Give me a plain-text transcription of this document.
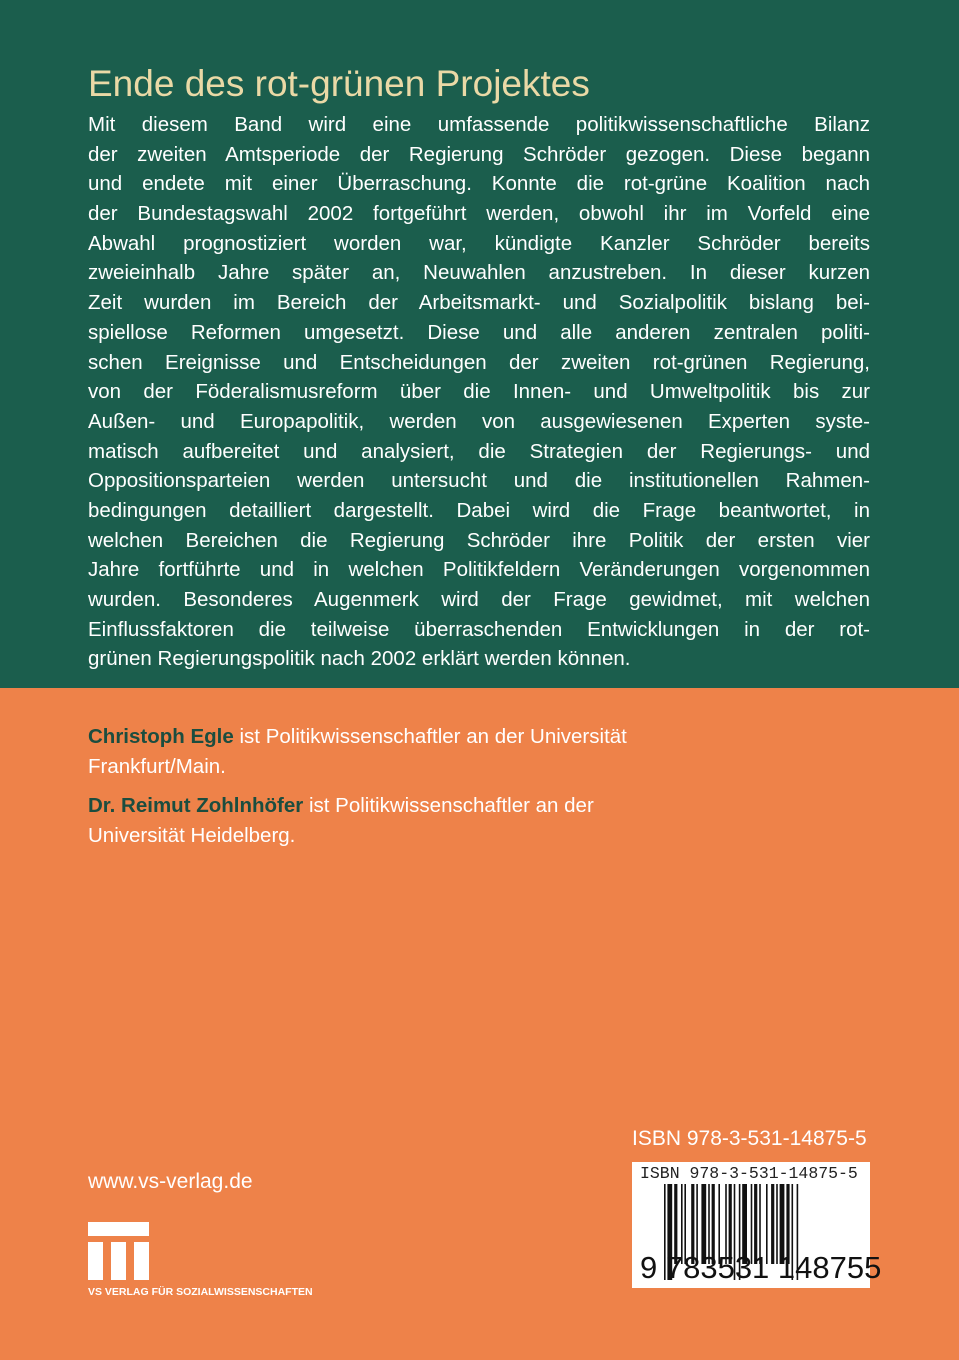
Ende des rot-grünen Projektes
Mit diesem Band wird eine umfassende politikwissenschaftliche Bilanz
der zweiten Amtsperiode der Regierung Schröder gezogen. Diese begann
und endete mit einer Überraschung. Konnte die rot-grüne Koalition nach
der Bundestagswahl 2002 fortgeführt werden, obwohl ihr im Vorfeld eine
Abwahl prognostiziert worden war, kündigte Kanzler Schröder bereits
zweieinhalb Jahre später an, Neuwahlen anzustreben. In dieser kurzen
Zeit wurden im Bereich der Arbeitsmarkt- und Sozialpolitik bislang bei-
spiellose Reformen umgesetzt. Diese und alle anderen zentralen politi-
schen Ereignisse und Entscheidungen der zweiten rot-grünen Regierung,
von der Föderalismusreform über die Innen- und Umweltpolitik bis zur
Außen- und Europapolitik, werden von ausgewiesenen Experten syste-
matisch aufbereitet und analysiert, die Strategien der Regierungs- und
Oppositionsparteien werden untersucht und die institutionellen Rahmen-
bedingungen detailliert dargestellt. Dabei wird die Frage beantwortet, in
welchen Bereichen die Regierung Schröder ihre Politik der ersten vier
Jahre fortführte und in welchen Politikfeldern Veränderungen vorgenommen
wurden. Besonderes Augenmerk wird der Frage gewidmet, mit welchen
Einflussfaktoren die teilweise überraschenden Entwicklungen in der rot-
grünen Regierungspolitik nach 2002 erklärt werden können.

Christoph Egle ist Politikwissenschaftler an der Universität
Frankfurt/Main.

Dr. Reimut Zohlnhöfer ist Politikwissenschaftler an der
Universität Heidelberg.

ISBN 978-3-531-14875-5
www.vs-verlag.de	ISBN 978-3-531-14875-5
9 783531 148755
VS VERLAG FÜR SOZIALWISSENSCHAFTEN
